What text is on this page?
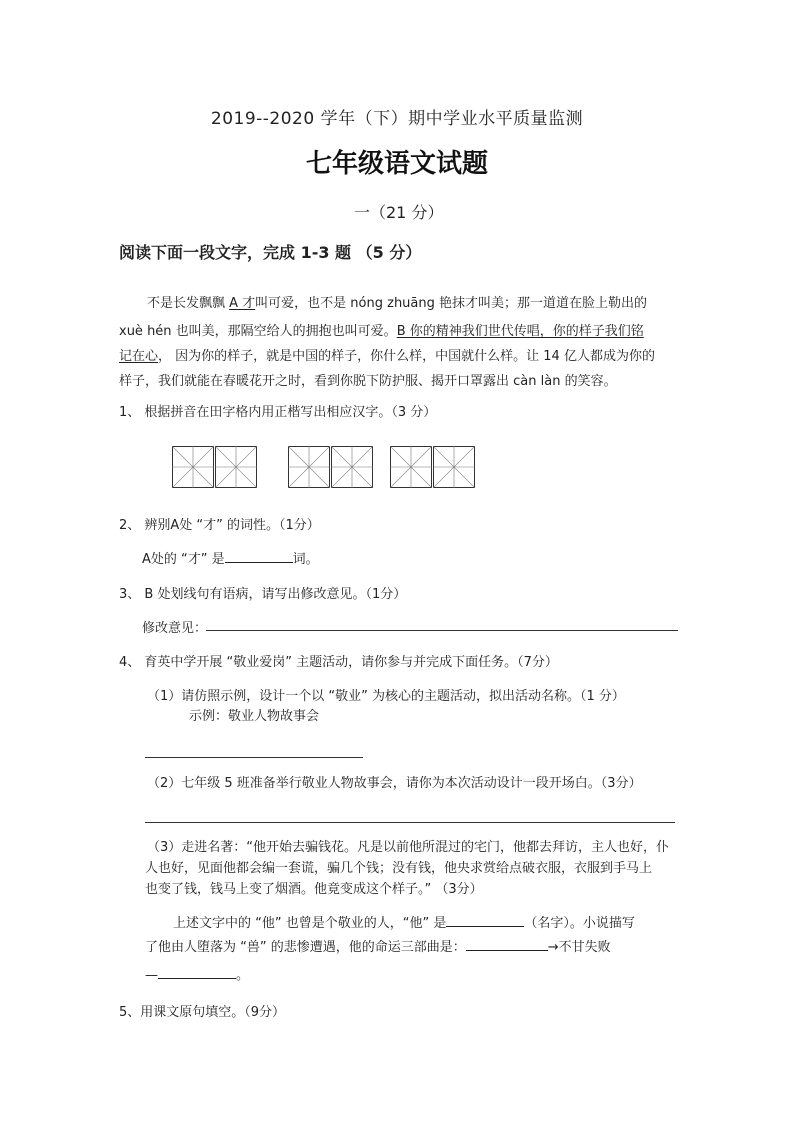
2019--2020 学年（下）期中学业水平质量监测
七年级语文试题
一（21 分）
阅读下面一段文字，完成 1-3 题 （5 分）
不是长发飘飘 A 才叫可爱，也不是 nóng zhuāng 艳抹才叫美；那一道道在脸上勒出的
xuè hén 也叫美，那隔空给人的拥抱也叫可爱。B 你的精神我们世代传唱，你的样子我们铭
记在心， 因为你的样子，就是中国的样子，你什么样，中国就什么样。让 14 亿人都成为你的
样子，我们就能在春暖花开之时，看到你脱下防护服、揭开口罩露出 càn làn 的笑容。
1、 根据拼音在田字格内用正楷写出相应汉字。（3 分）
2、 辨别A处 “才” 的词性。（1分）
A处的 “才” 是	词。
3、 B 处划线句有语病，请写出修改意见。（1分）
修改意见：
4、 育英中学开展 “敬业爱岗” 主题活动，请你参与并完成下面任务。（7分）
（1）请仿照示例，设计一个以 “敬业” 为核心的主题活动，拟出活动名称。（1 分）
示例：敬业人物故事会
（2）七年级 5 班准备举行敬业人物故事会，请你为本次活动设计一段开场白。（3分）
（3）走进名著：“他开始去骗钱花。凡是以前他所混过的宅门，他都去拜访，主人也好，仆
人也好，见面他都会编一套谎，骗几个钱；没有钱，他央求赏给点破衣服，衣服到手马上
也变了钱，钱马上变了烟酒。他竟变成这个样子。” （3分）
上述文字中的 “他” 也曾是个敬业的人，“他” 是	（名字）。小说描写
了他由人堕落为 “兽” 的悲惨遭遇，他的命运三部曲是：	→不甘失败
—	。
5、用课文原句填空。（9分）
